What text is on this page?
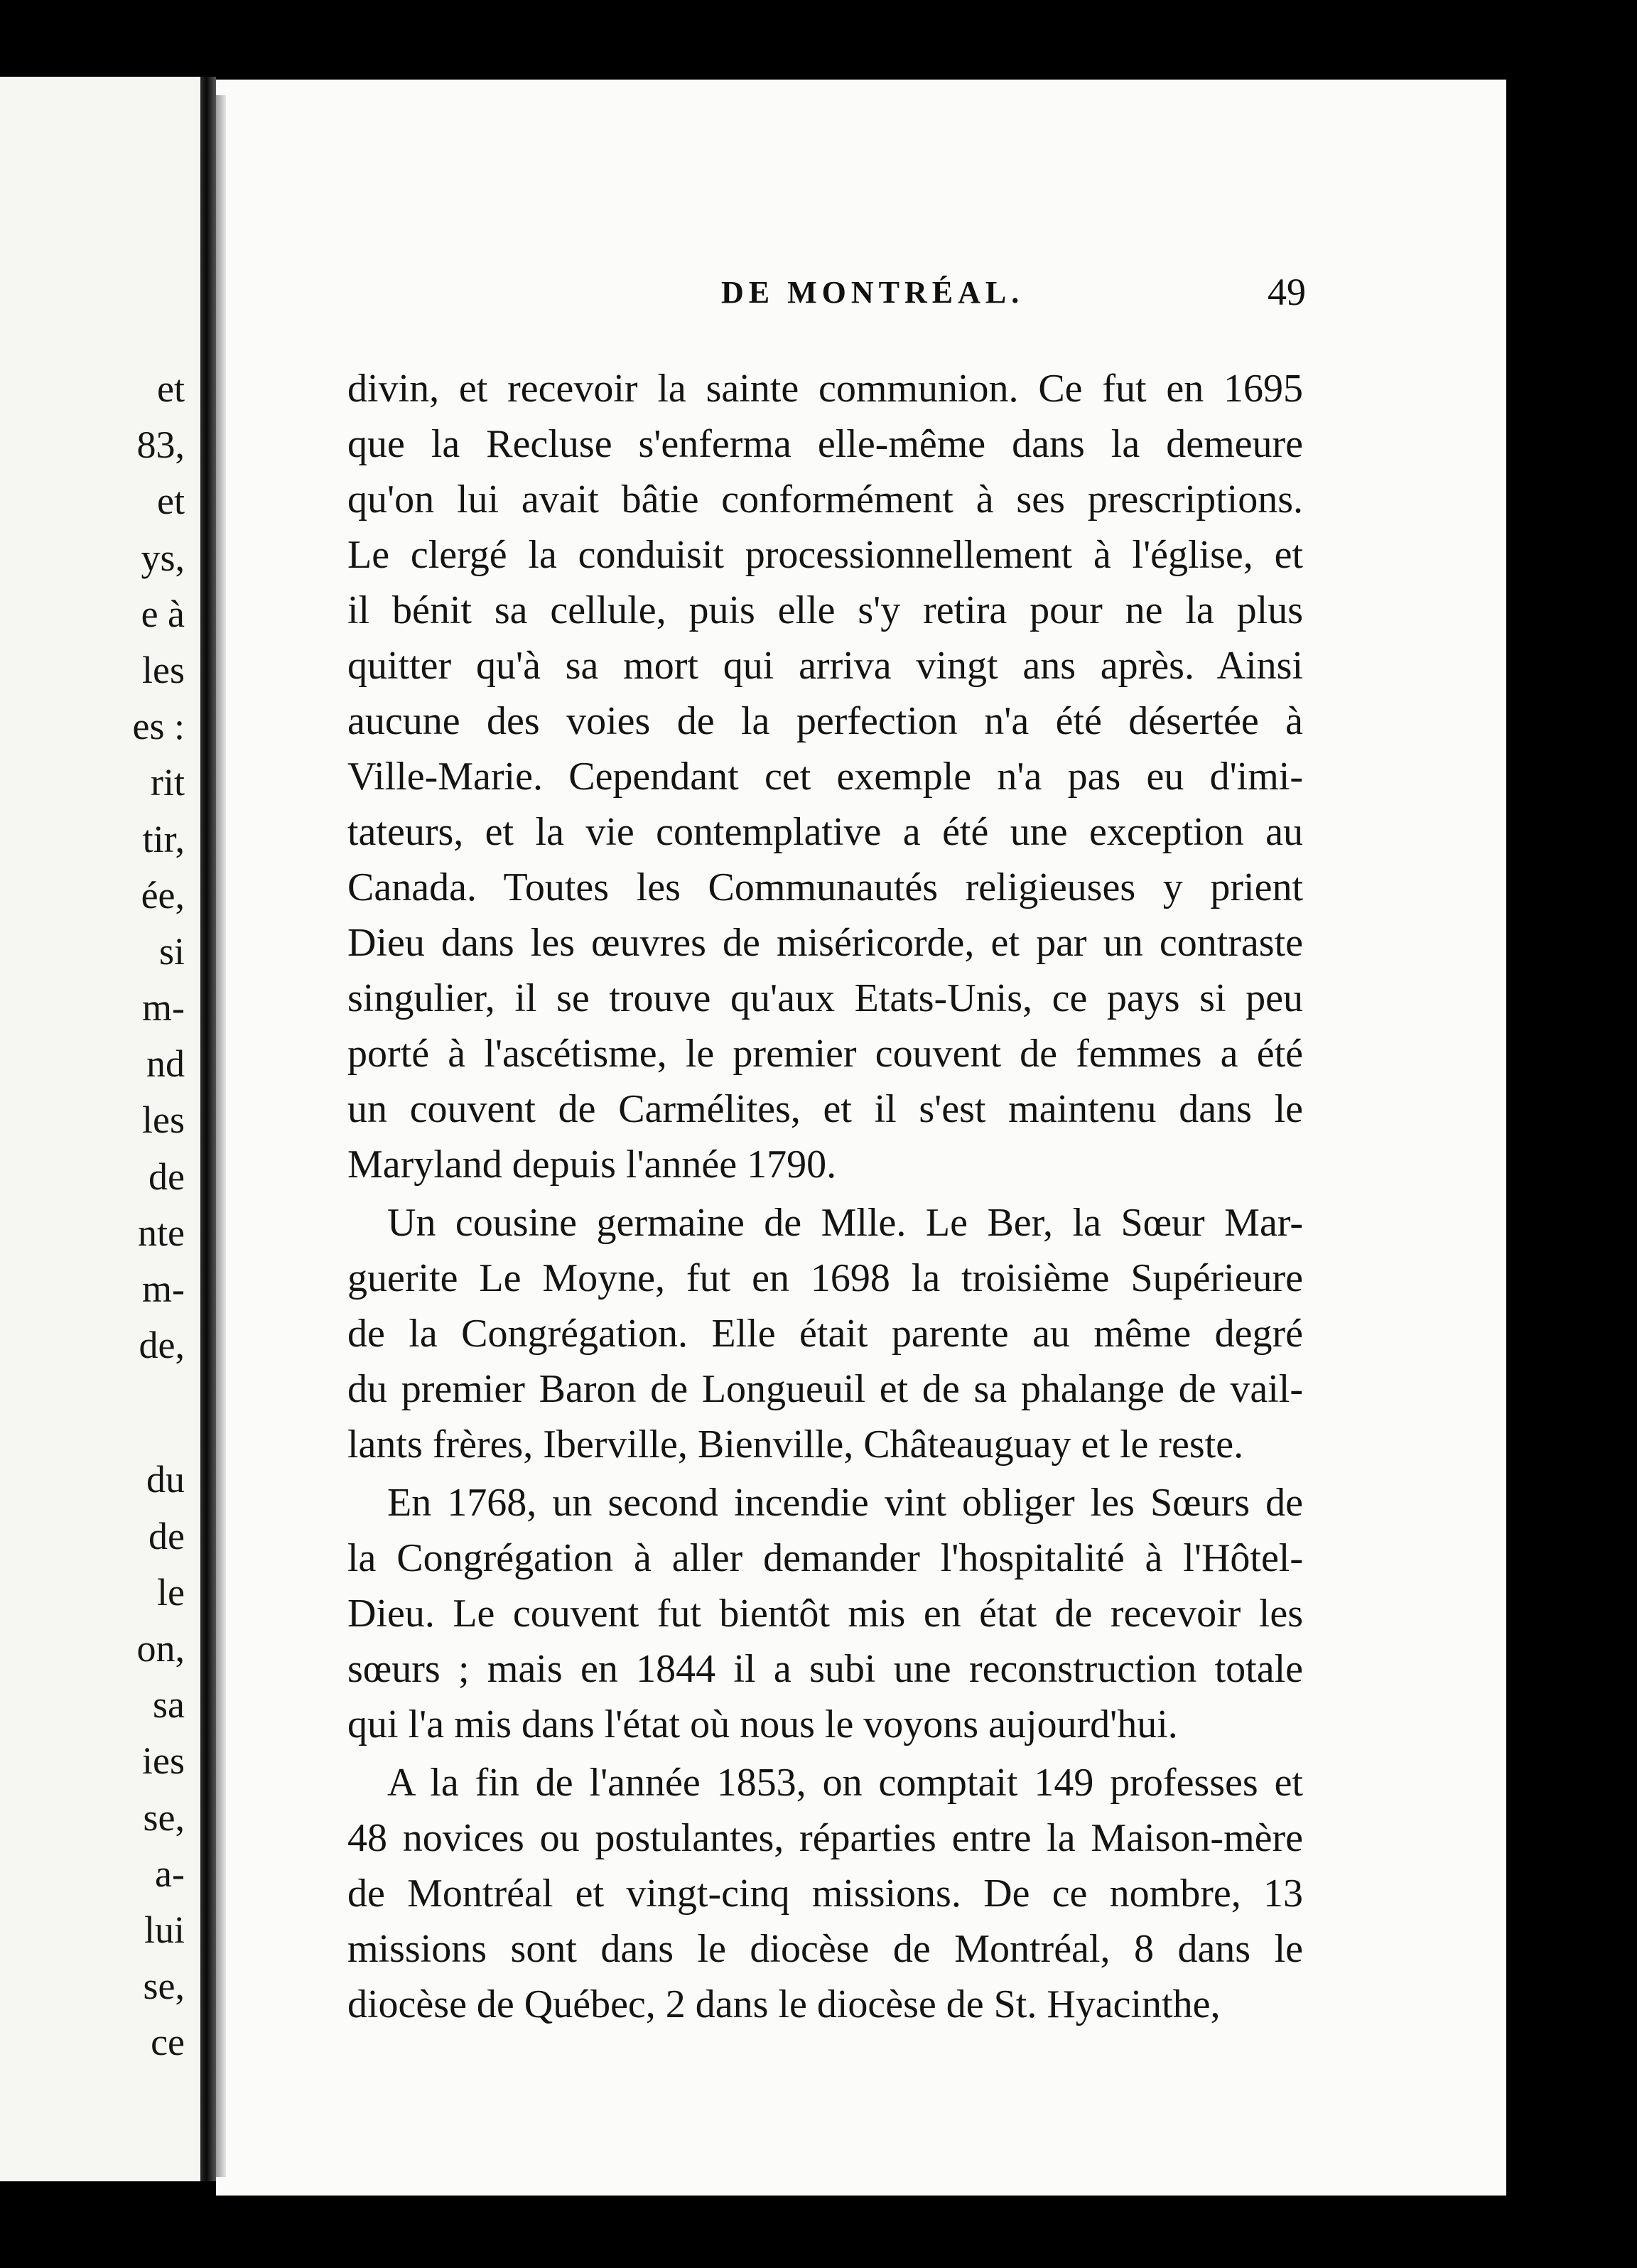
et
83,
et
ys,
e à
les
es :
rit
tir,
ée,
si
m-
nd
les
de
nte
m-
de,
du
de
le
on,
sa
ies
se,
a-
lui
se,
ce
DE MONTRÉAL.	49
divin, et recevoir la sainte communion. Ce fut en 1695
que la Recluse s'enferma elle-même dans la demeure
qu'on lui avait bâtie conformément à ses prescriptions.
Le clergé la conduisit processionnellement à l'église, et
il bénit sa cellule, puis elle s'y retira pour ne la plus
quitter qu'à sa mort qui arriva vingt ans après. Ainsi
aucune des voies de la perfection n'a été désertée à
Ville-Marie. Cependant cet exemple n'a pas eu d'imi-
tateurs, et la vie contemplative a été une exception au
Canada. Toutes les Communautés religieuses y prient
Dieu dans les œuvres de miséricorde, et par un contraste
singulier, il se trouve qu'aux Etats-Unis, ce pays si peu
porté à l'ascétisme, le premier couvent de femmes a été
un couvent de Carmélites, et il s'est maintenu dans le
Maryland depuis l'année 1790.
Un cousine germaine de Mlle. Le Ber, la Sœur Mar-
guerite Le Moyne, fut en 1698 la troisième Supérieure
de la Congrégation. Elle était parente au même degré
du premier Baron de Longueuil et de sa phalange de vail-
lants frères, Iberville, Bienville, Châteauguay et le reste.
En 1768, un second incendie vint obliger les Sœurs de
la Congrégation à aller demander l'hospitalité à l'Hôtel-
Dieu. Le couvent fut bientôt mis en état de recevoir les
sœurs ; mais en 1844 il a subi une reconstruction totale
qui l'a mis dans l'état où nous le voyons aujourd'hui.
A la fin de l'année 1853, on comptait 149 professes et
48 novices ou postulantes, réparties entre la Maison-mère
de Montréal et vingt-cinq missions. De ce nombre, 13
missions sont dans le diocèse de Montréal, 8 dans le
diocèse de Québec, 2 dans le diocèse de St. Hyacinthe,
